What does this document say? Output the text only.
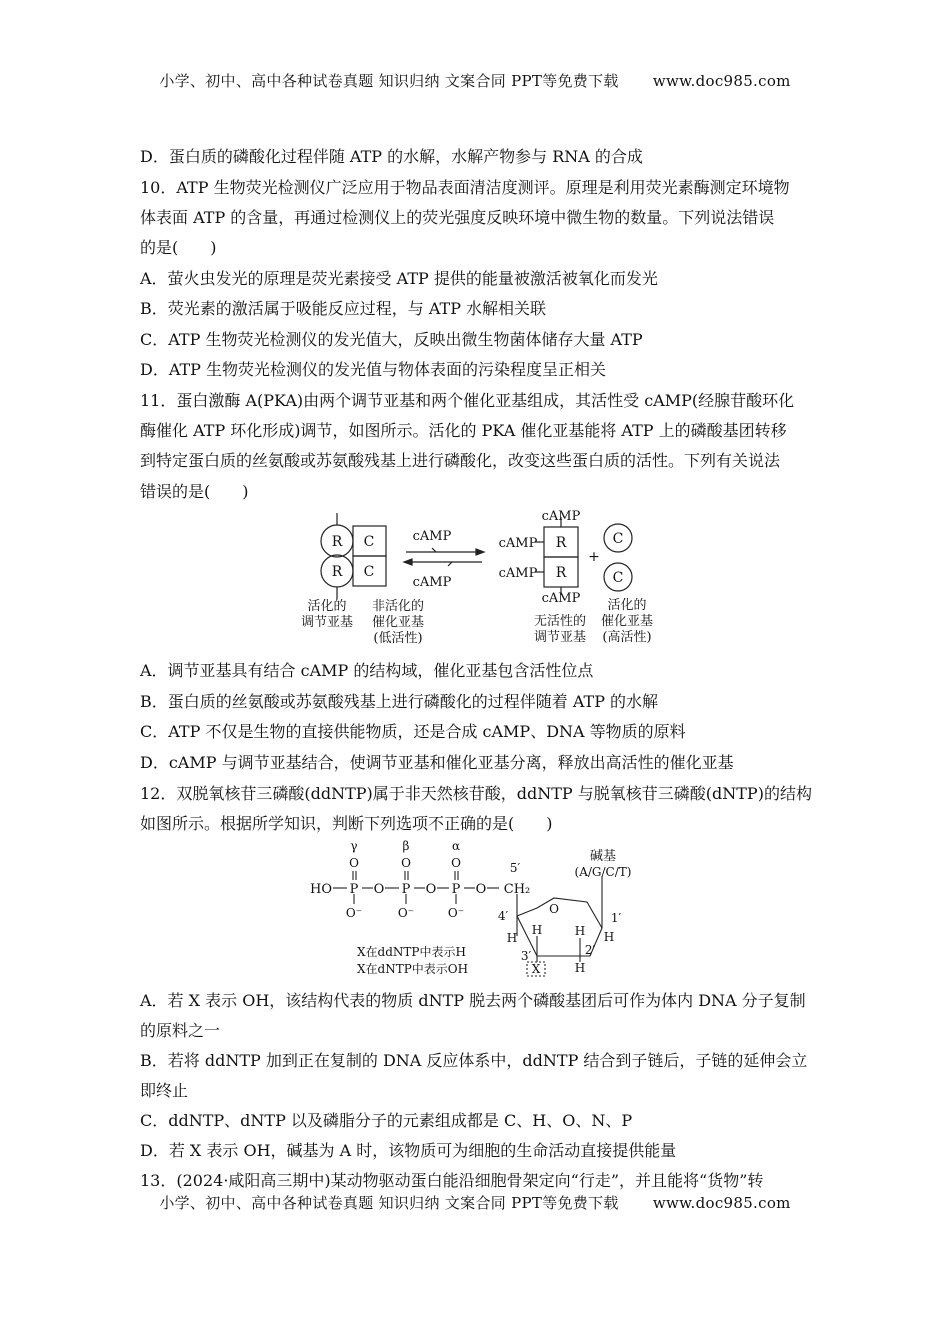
小学、初中、高中各种试卷真题 知识归纳 文案合同 PPT等免费下载 www.doc985.com
D．蛋白质的磷酸化过程伴随 ATP 的水解，水解产物参与 RNA 的合成
10．ATP 生物荧光检测仪广泛应用于物品表面清洁度测评。原理是利用荧光素酶测定环境物
体表面 ATP 的含量，再通过检测仪上的荧光强度反映环境中微生物的数量。下列说法错误
的是(　　)
A．萤火虫发光的原理是荧光素接受 ATP 提供的能量被激活被氧化而发光
B．荧光素的激活属于吸能反应过程，与 ATP 水解相关联
C．ATP 生物荧光检测仪的发光值大，反映出微生物菌体储存大量 ATP
D．ATP 生物荧光检测仪的发光值与物体表面的污染程度呈正相关
11．蛋白激酶 A(PKA)由两个调节亚基和两个催化亚基组成，其活性受 cAMP(经腺苷酸环化
酶催化 ATP 环化形成)调节，如图所示。活化的 PKA 催化亚基能将 ATP 上的磷酸基团转移
到特定蛋白质的丝氨酸或苏氨酸残基上进行磷酸化，改变这些蛋白质的活性。下列有关说法
错误的是(　　)
R
R
C
C
cAMP
cAMP
cAMP
cAMP
cAMP
cAMP
R
R
+
C
C
活化的
调节亚基
非活化的
催化亚基
(低活性)
无活性的
调节亚基
活化的
催化亚基
(高活性)
A．调节亚基具有结合 cAMP 的结构域，催化亚基包含活性位点
B．蛋白质的丝氨酸或苏氨酸残基上进行磷酸化的过程伴随着 ATP 的水解
C．ATP 不仅是生物的直接供能物质，还是合成 cAMP、DNA 等物质的原料
D．cAMP 与调节亚基结合，使调节亚基和催化亚基分离，释放出高活性的催化亚基
12．双脱氧核苷三磷酸(ddNTP)属于非天然核苷酸，ddNTP 与脱氧核苷三磷酸(dNTP)的结构
如图所示。根据所学知识，判断下列选项不正确的是(　　)
γ	β	α
O	O	O
HO P O P O P O CH₂
5′
O⁻	O⁻	O⁻	O
4′	1′
H
H	H H
3′	2′
H
X
碱基
(A/G/C/T)
X在ddNTP中表示H
X在dNTP中表示OH
A．若 X 表示 OH，该结构代表的物质 dNTP 脱去两个磷酸基团后可作为体内 DNA 分子复制
的原料之一
B．若将 ddNTP 加到正在复制的 DNA 反应体系中，ddNTP 结合到子链后，子链的延伸会立
即终止
C．ddNTP、dNTP 以及磷脂分子的元素组成都是 C、H、O、N、P
D．若 X 表示 OH，碱基为 A 时，该物质可为细胞的生命活动直接提供能量
13．(2024·咸阳高三期中)某动物驱动蛋白能沿细胞骨架定向“行走”，并且能将“货物”转
小学、初中、高中各种试卷真题 知识归纳 文案合同 PPT等免费下载 www.doc985.com
